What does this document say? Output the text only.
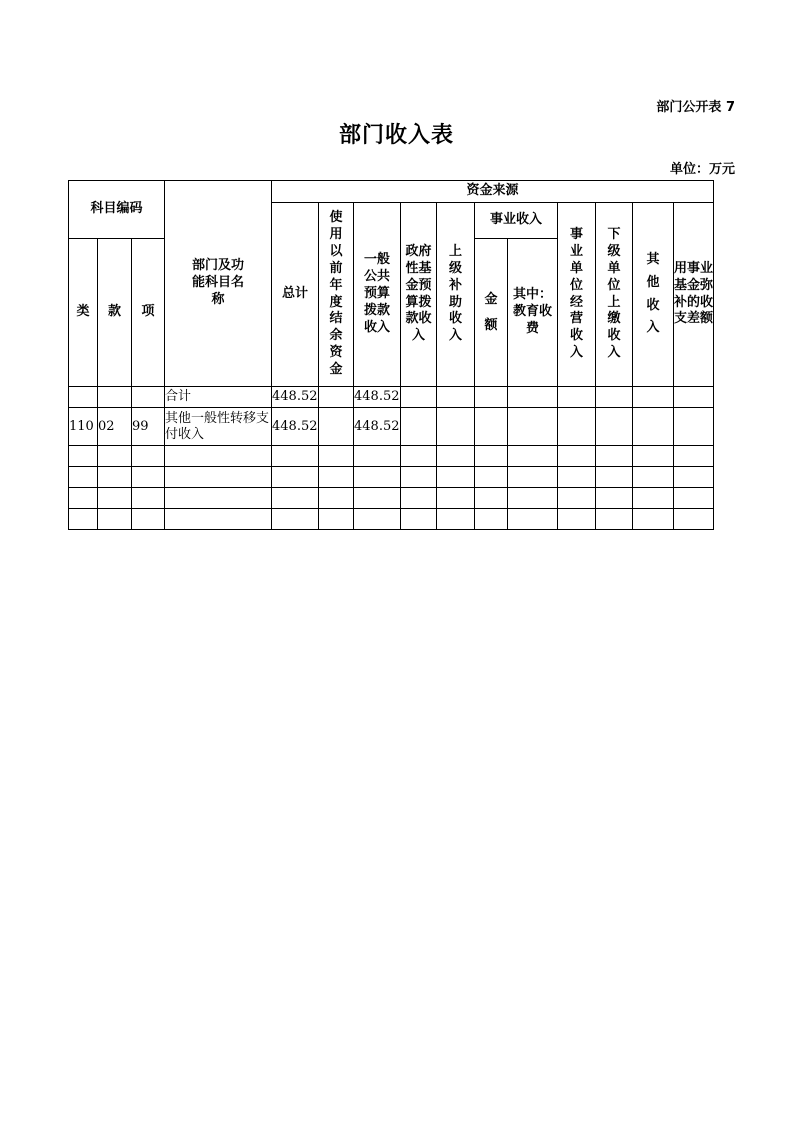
部门公开表 7
部门收入表
单位：万元
科目编码			部门及功能科目名称	资金来源										
				总计	使用以前年度结余资金	一般公共预算拨款收入	政府性基金预算拨款收入	上级补助收入	事业收入		事业单位经营收入	下级单位上缴收入	其他收入	用事业基金弥补的收支差额
类	款	项							金额	其中：教育收费				

			合计	448.52		448.52								
110	02	99	其他一般性转移支付收入	448.52		448.52								
